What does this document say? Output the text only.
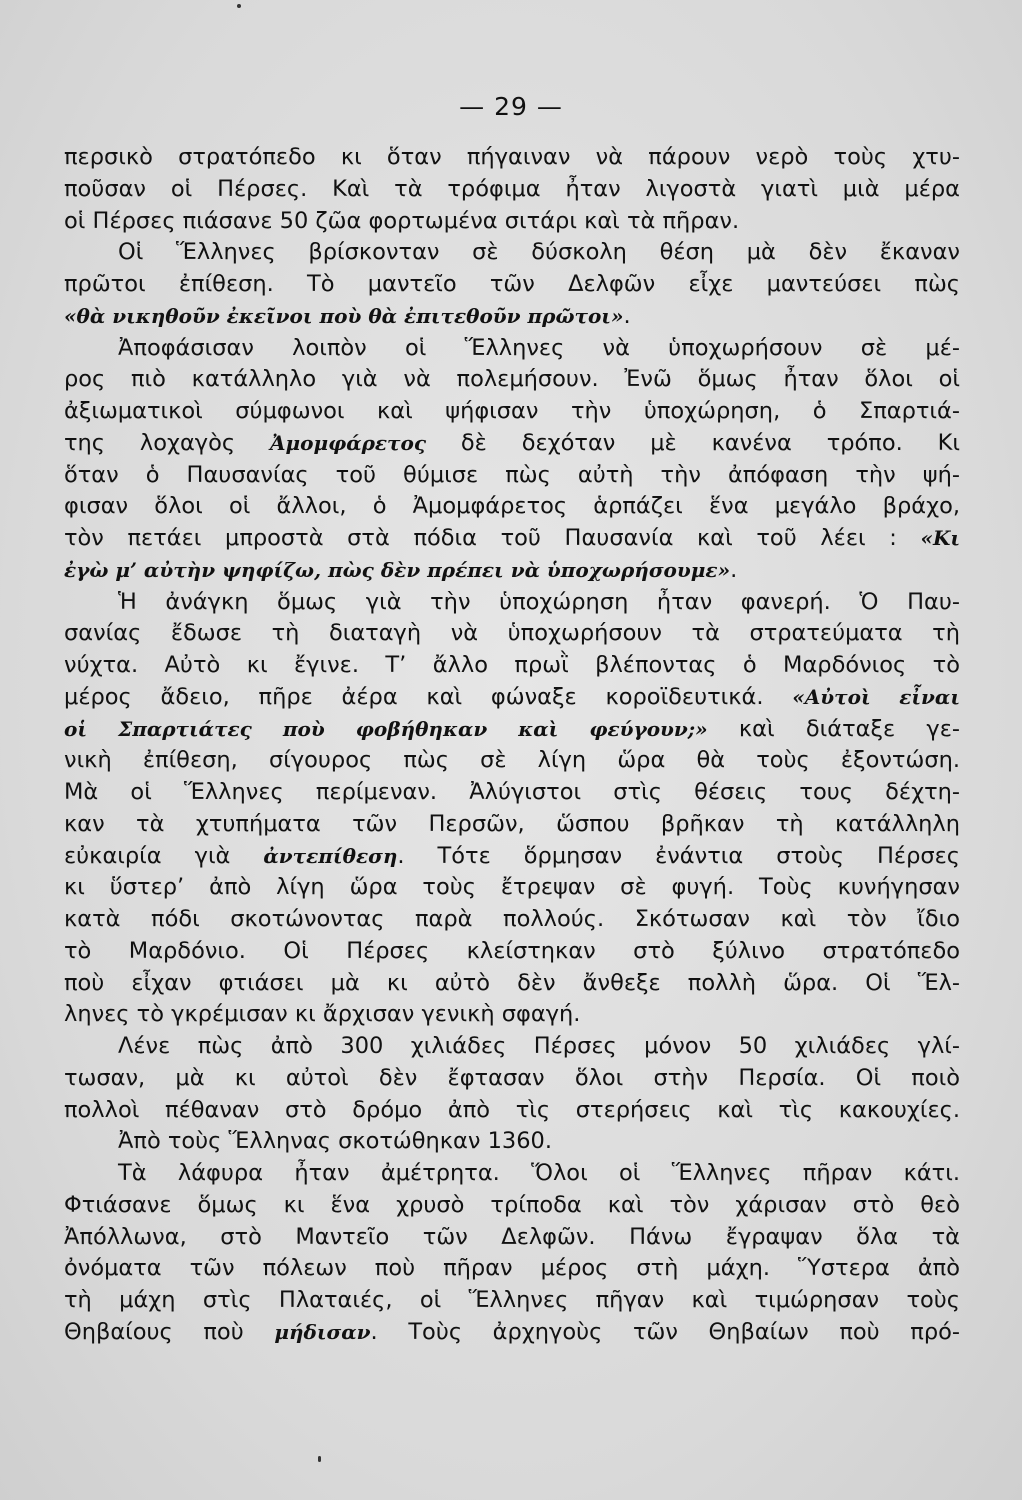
— 29 —
περσικὸ στρατόπεδο κι ὅταν πήγαιναν νὰ πάρουν νερὸ τοὺς χτυ-
ποῦσαν οἱ Πέρσες. Καὶ τὰ τρόφιμα ἦταν λιγοστὰ γιατὶ μιὰ μέρα
οἱ Πέρσες πιάσανε 50 ζῶα φορτωμένα σιτάρι καὶ τὰ πῆραν.
Οἱ Ἕλληνες βρίσκονταν σὲ δύσκολη θέση μὰ δὲν ἔκαναν
πρῶτοι ἐπίθεση. Τὸ μαντεῖο τῶν Δελφῶν εἶχε μαντεύσει πὼς
«θὰ νικηθοῦν ἐκεῖνοι ποὺ θὰ ἐπιτεθοῦν πρῶτοι».
Ἀποφάσισαν λοιπὸν οἱ Ἕλληνες νὰ ὑποχωρήσουν σὲ μέ-
ρος πιὸ κατάλληλο γιὰ νὰ πολεμήσουν. Ἐνῶ ὅμως ἦταν ὅλοι οἱ
ἀξιωματικοὶ σύμφωνοι καὶ ψήφισαν τὴν ὑποχώρηση, ὁ Σπαρτιά-
της λοχαγὸς Ἀμομφάρετος δὲ δεχόταν μὲ κανένα τρόπο. Κι
ὅταν ὁ Παυσανίας τοῦ θύμισε πὼς αὐτὴ τὴν ἀπόφαση τὴν ψή-
φισαν ὅλοι οἱ ἄλλοι, ὁ Ἀμομφάρετος ἁρπάζει ἕνα μεγάλο βράχο,
τὸν πετάει μπροστὰ στὰ πόδια τοῦ Παυσανία καὶ τοῦ λέει : «Κι
ἐγὼ μ’ αὐτὴν ψηφίζω, πὼς δὲν πρέπει νὰ ὑποχωρήσουμε».
Ἡ ἀνάγκη ὅμως γιὰ τὴν ὑποχώρηση ἦταν φανερή. Ὁ Παυ-
σανίας ἔδωσε τὴ διαταγὴ νὰ ὑποχωρήσουν τὰ στρατεύματα τὴ
νύχτα. Αὐτὸ κι ἔγινε. Τ’ ἄλλο πρωῒ βλέποντας ὁ Μαρδόνιος τὸ
μέρος ἄδειο, πῆρε ἀέρα καὶ φώναξε κοροϊδευτικά. «Αὐτοὶ εἶναι
οἱ Σπαρτιάτες ποὺ φοβήθηκαν καὶ φεύγουν;» καὶ διάταξε γε-
νικὴ ἐπίθεση, σίγουρος πὼς σὲ λίγη ὥρα θὰ τοὺς ἐξοντώση.
Μὰ οἱ Ἕλληνες περίμεναν. Ἀλύγιστοι στὶς θέσεις τους δέχτη-
καν τὰ χτυπήματα τῶν Περσῶν, ὥσπου βρῆκαν τὴ κατάλληλη
εὐκαιρία γιὰ ἀντεπίθεση. Τότε ὅρμησαν ἐνάντια στοὺς Πέρσες
κι ὕστερ’ ἀπὸ λίγη ὥρα τοὺς ἔτρεψαν σὲ φυγή. Τοὺς κυνήγησαν
κατὰ πόδι σκοτώνοντας παρὰ πολλούς. Σκότωσαν καὶ τὸν ἴδιο
τὸ Μαρδόνιο. Οἱ Πέρσες κλείστηκαν στὸ ξύλινο στρατόπεδο
ποὺ εἶχαν φτιάσει μὰ κι αὐτὸ δὲν ἄνθεξε πολλὴ ὥρα. Οἱ Ἕλ-
ληνες τὸ γκρέμισαν κι ἄρχισαν γενικὴ σφαγή.
Λένε πὼς ἀπὸ 300 χιλιάδες Πέρσες μόνον 50 χιλιάδες γλί-
τωσαν, μὰ κι αὐτοὶ δὲν ἔφτασαν ὅλοι στὴν Περσία. Οἱ ποιὸ
πολλοὶ πέθαναν στὸ δρόμο ἀπὸ τὶς στερήσεις καὶ τὶς κακουχίες.
Ἀπὸ τοὺς Ἕλληνας σκοτώθηκαν 1360.
Τὰ λάφυρα ἦταν ἀμέτρητα. Ὅλοι οἱ Ἕλληνες πῆραν κάτι.
Φτιάσανε ὅμως κι ἕνα χρυσὸ τρίποδα καὶ τὸν χάρισαν στὸ θεὸ
Ἀπόλλωνα, στὸ Μαντεῖο τῶν Δελφῶν. Πάνω ἔγραψαν ὅλα τὰ
ὀνόματα τῶν πόλεων ποὺ πῆραν μέρος στὴ μάχη. Ὕστερα ἀπὸ
τὴ μάχη στὶς Πλαταιές, οἱ Ἕλληνες πῆγαν καὶ τιμώρησαν τοὺς
Θηβαίους ποὺ μήδισαν. Τοὺς ἀρχηγοὺς τῶν Θηβαίων ποὺ πρό-
